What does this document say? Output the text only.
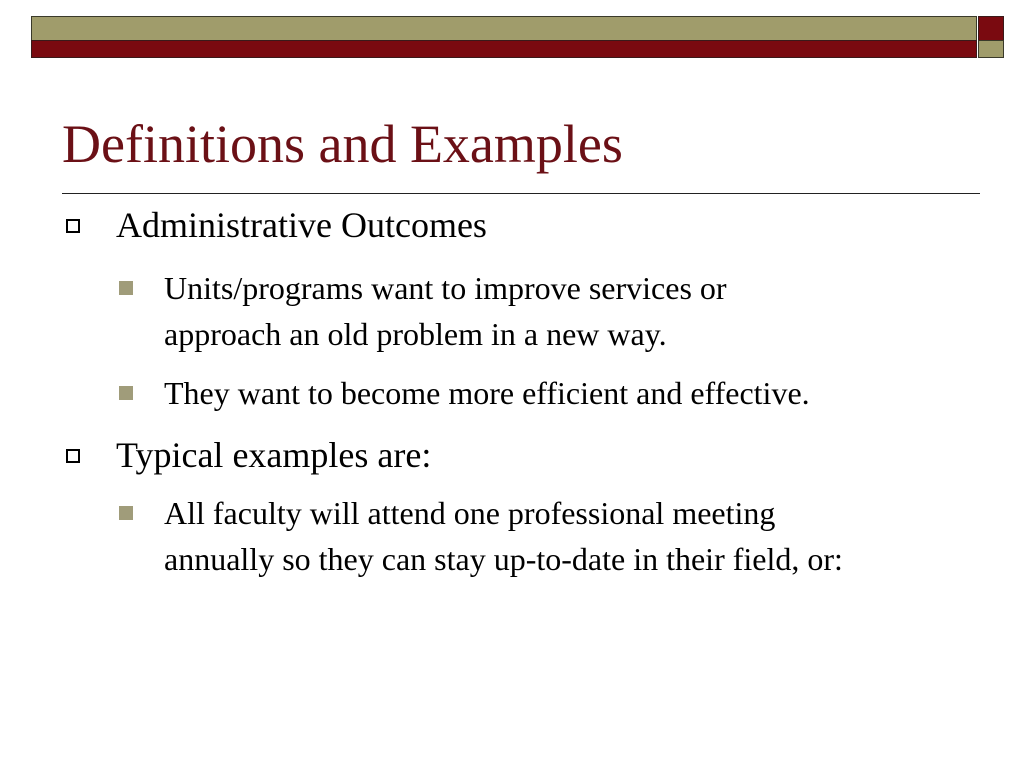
Definitions and Examples
Administrative Outcomes
Units/programs want to improve services or
approach an old problem in a new way.
They want to become more efficient and effective.
Typical examples are:
All faculty will attend one professional meeting
annually so they can stay up-to-date in their field, or:
